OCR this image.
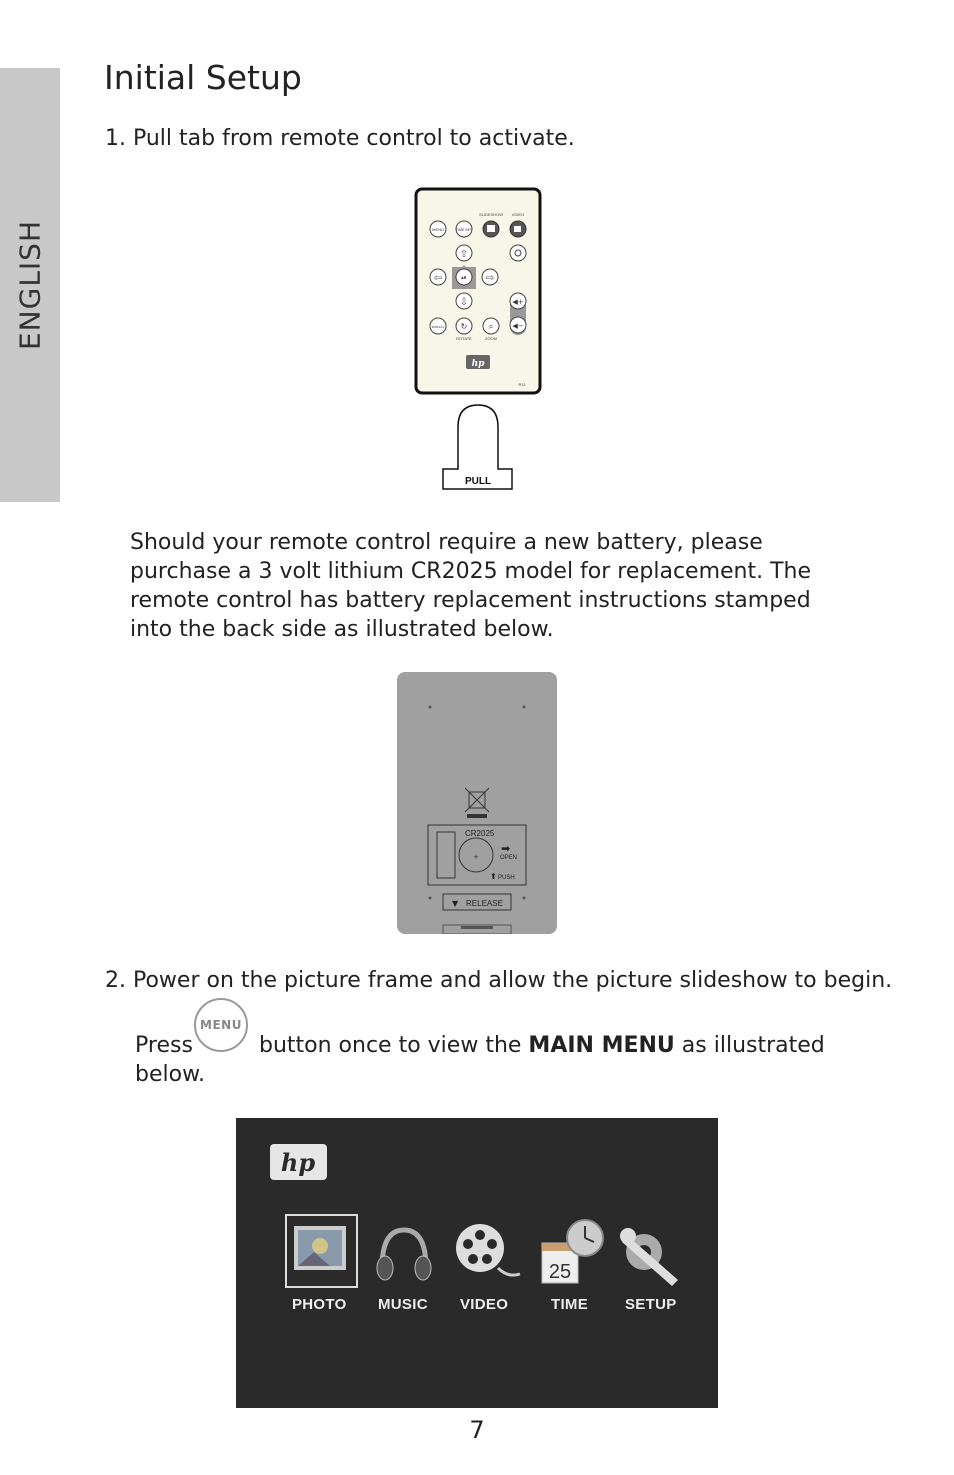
ENGLISH
Initial Setup
1. Pull tab from remote control to activate.
SLIDESHOW VIDEO
MENU	TIME SET
⇧
⇦	⇨
⇩
⏯
◀+
◀−
DISPLAY ↻	⌕
ROTATE	ZOOM
hp
R11
PULL
Should your remote control require a new battery, please purchase a 3 volt lithium CR2025 model for replacement. The remote control has battery replacement instructions stamped into the back side as illustrated below.
+
CR2025
➡
OPEN
⬆ PUSH
▼ RELEASE
2. Power on the picture frame and allow the picture slideshow to begin.
Press
MENU
button once to view the MAIN MENU as illustrated
below.
hp
25
PHOTO MUSIC VIDEO	TIME SETUP
7
